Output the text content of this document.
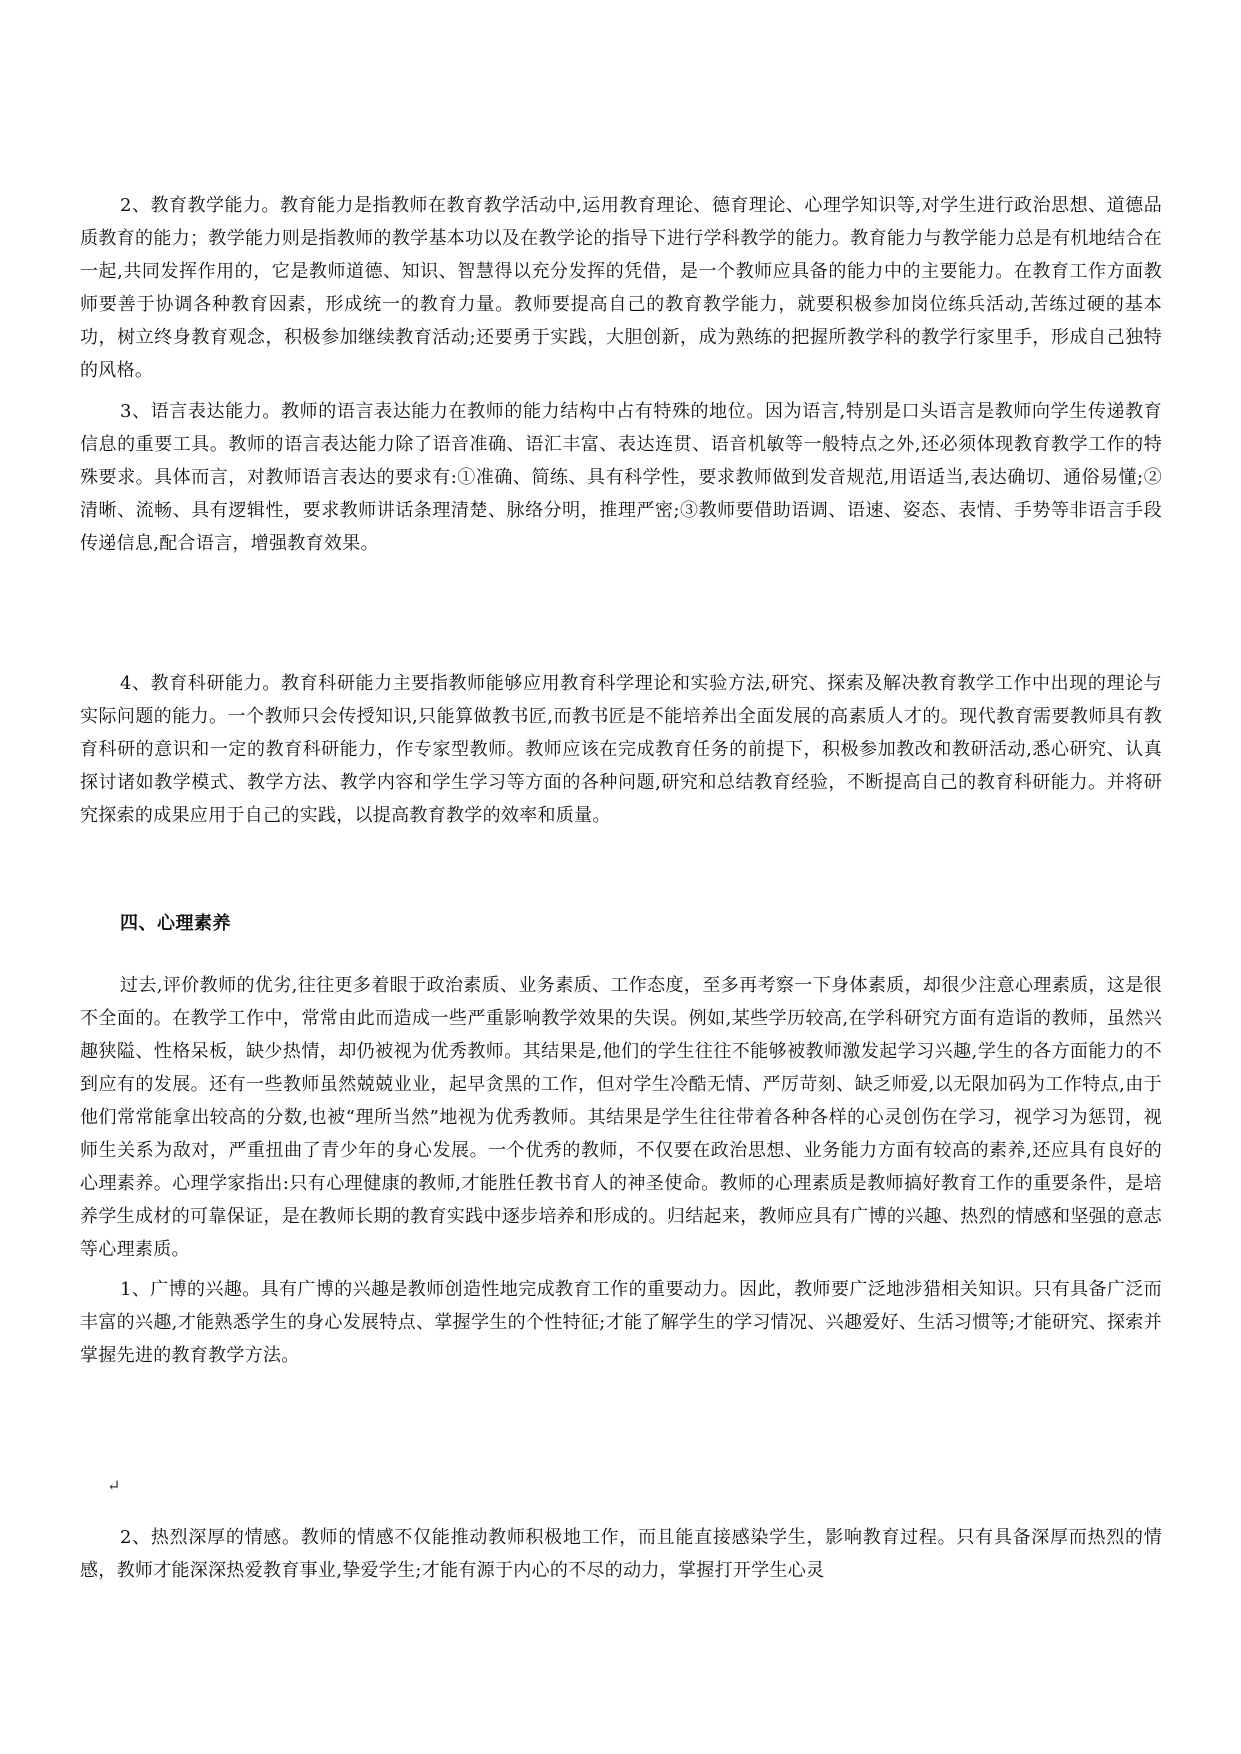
2、教育教学能力。教育能力是指教师在教育教学活动中,运用教育理论、德育理论、心理学知识等,对学生进行政治思想、道德品质教育的能力；教学能力则是指教师的教学基本功以及在教学论的指导下进行学科教学的能力。教育能力与教学能力总是有机地结合在一起,共同发挥作用的，它是教师道德、知识、智慧得以充分发挥的凭借，是一个教师应具备的能力中的主要能力。在教育工作方面教师要善于协调各种教育因素，形成统一的教育力量。教师要提高自己的教育教学能力，就要积极参加岗位练兵活动,苦练过硬的基本功，树立终身教育观念，积极参加继续教育活动;还要勇于实践，大胆创新，成为熟练的把握所教学科的教学行家里手，形成自己独特的风格。

3、语言表达能力。教师的语言表达能力在教师的能力结构中占有特殊的地位。因为语言,特别是口头语言是教师向学生传递教育信息的重要工具。教师的语言表达能力除了语音准确、语汇丰富、表达连贯、语音机敏等一般特点之外,还必须体现教育教学工作的特殊要求。具体而言，对教师语言表达的要求有:①准确、简练、具有科学性，要求教师做到发音规范,用语适当,表达确切、通俗易懂;②清晰、流畅、具有逻辑性，要求教师讲话条理清楚、脉络分明，推理严密;③教师要借助语调、语速、姿态、表情、手势等非语言手段传递信息,配合语言，增强教育效果。

4、教育科研能力。教育科研能力主要指教师能够应用教育科学理论和实验方法,研究、探索及解决教育教学工作中出现的理论与实际问题的能力。一个教师只会传授知识,只能算做教书匠,而教书匠是不能培养出全面发展的高素质人才的。现代教育需要教师具有教育科研的意识和一定的教育科研能力，作专家型教师。教师应该在完成教育任务的前提下，积极参加教改和教研活动,悉心研究、认真探讨诸如教学模式、教学方法、教学内容和学生学习等方面的各种问题,研究和总结教育经验，不断提高自己的教育科研能力。并将研究探索的成果应用于自己的实践，以提高教育教学的效率和质量。

四、心理素养

过去,评价教师的优劣,往往更多着眼于政治素质、业务素质、工作态度，至多再考察一下身体素质，却很少注意心理素质，这是很不全面的。在教学工作中，常常由此而造成一些严重影响教学效果的失误。例如,某些学历较高,在学科研究方面有造诣的教师，虽然兴趣狭隘、性格呆板，缺少热情，却仍被视为优秀教师。其结果是,他们的学生往往不能够被教师激发起学习兴趣,学生的各方面能力的不到应有的发展。还有一些教师虽然兢兢业业，起早贪黑的工作，但对学生冷酷无情、严厉苛刻、缺乏师爱,以无限加码为工作特点,由于他们常常能拿出较高的分数,也被“理所当然”地视为优秀教师。其结果是学生往往带着各种各样的心灵创伤在学习，视学习为惩罚，视师生关系为敌对，严重扭曲了青少年的身心发展。一个优秀的教师，不仅要在政治思想、业务能力方面有较高的素养,还应具有良好的心理素养。心理学家指出:只有心理健康的教师,才能胜任教书育人的神圣使命。教师的心理素质是教师搞好教育工作的重要条件，是培养学生成材的可靠保证，是在教师长期的教育实践中逐步培养和形成的。归结起来，教师应具有广博的兴趣、热烈的情感和坚强的意志等心理素质。

1、广博的兴趣。具有广博的兴趣是教师创造性地完成教育工作的重要动力。因此，教师要广泛地涉猎相关知识。只有具备广泛而丰富的兴趣,才能熟悉学生的身心发展特点、掌握学生的个性特征;才能了解学生的学习情况、兴趣爱好、生活习惯等;才能研究、探索并掌握先进的教育教学方法。

2、热烈深厚的情感。教师的情感不仅能推动教师积极地工作，而且能直接感染学生，影响教育过程。只有具备深厚而热烈的情感，教师才能深深热爱教育事业,挚爱学生;才能有源于内心的不尽的动力，掌握打开学生心灵

↵
